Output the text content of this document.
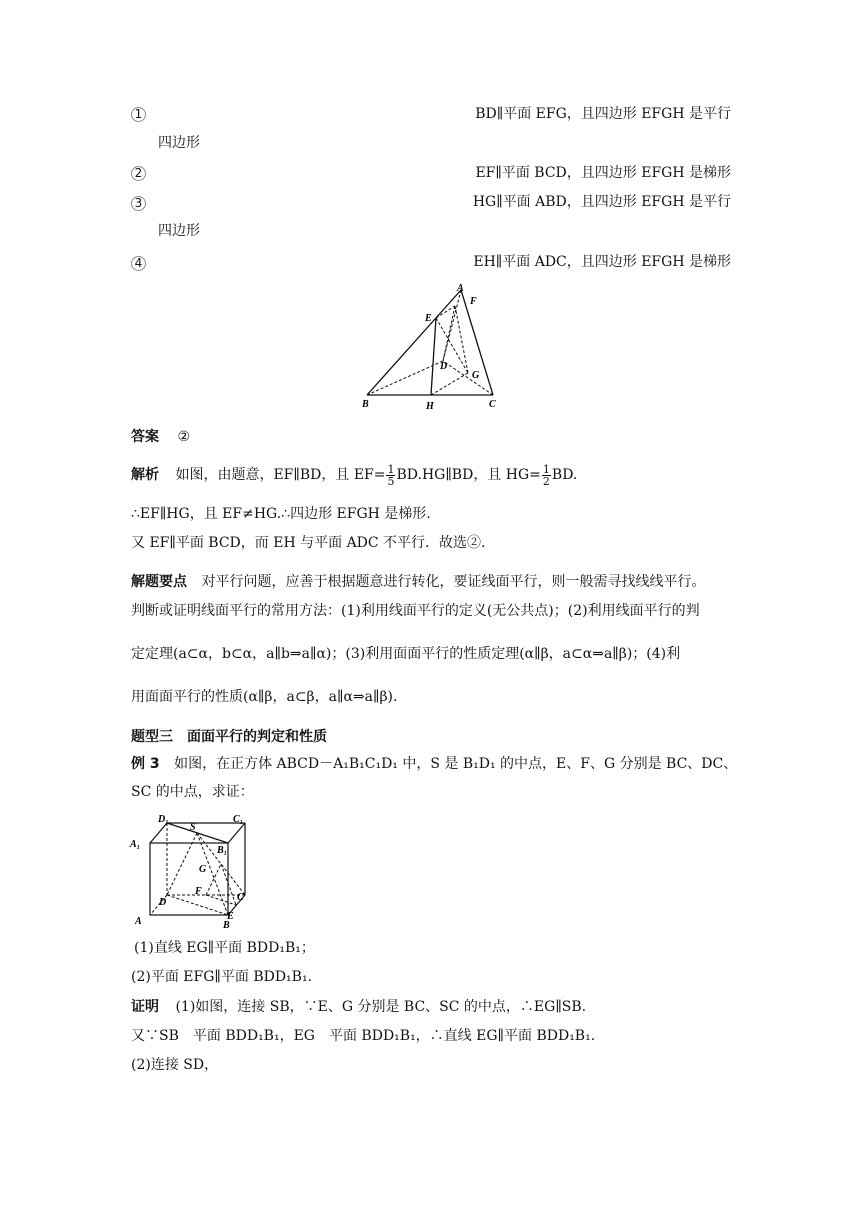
1	BD∥平面 EFG，且四边形 EFGH 是平行
四边形
2	EF∥平面 BCD，且四边形 EFGH 是梯形
3	HG∥平面 ABD，且四边形 EFGH 是平行
四边形
4	EH∥平面 ADC，且四边形 EFGH 是梯形
A
F
E
D
G
B	H	C
答案 ②
解析 如图，由题意，EF∥BD，且 $EF= \frac{1}{5}$ BD.HG∥BD，且 $HG= \frac{1}{2}$ BD.
∴EF∥HG，且 EF≠HG.∴四边形 EFGH 是梯形.
又 EF∥平面 BCD，而 EH 与平面 ADC 不平行．故选②.
解题要点 对平行问题，应善于根据题意进行转化，要证线面平行，则一般需寻找线线平行。
判断或证明线面平行的常用方法：(1)利用线面平行的定义(无公共点)；(2)利用线面平行的判
定定理(a⊂α，b⊂α，a∥b⇒a∥α)；(3)利用面面平行的性质定理(α∥β，a⊂α⇒a∥β)；(4)利
用面面平行的性质(α∥β，a⊂β，a∥α⇒a∥β).
题型三　面面平行的判定和性质
例 3 如图，在正方体 ABCD－A₁B₁C₁D₁ 中，S 是 B₁D₁ 的中点，E、F、G 分别是 BC、DC、
SC 的中点，求证：
D₁
S
C₁
A₁
B₁
G
F
C
D
E
A	B
(1)直线 EG∥平面 BDD₁B₁；
(2)平面 EFG∥平面 BDD₁B₁.
证明 (1)如图，连接 SB，∵E、G 分别是 BC、SC 的中点，∴EG∥SB.
又∵SB　平面 BDD₁B₁，EG　平面 BDD₁B₁，∴直线 EG∥平面 BDD₁B₁.
(2)连接 SD，
